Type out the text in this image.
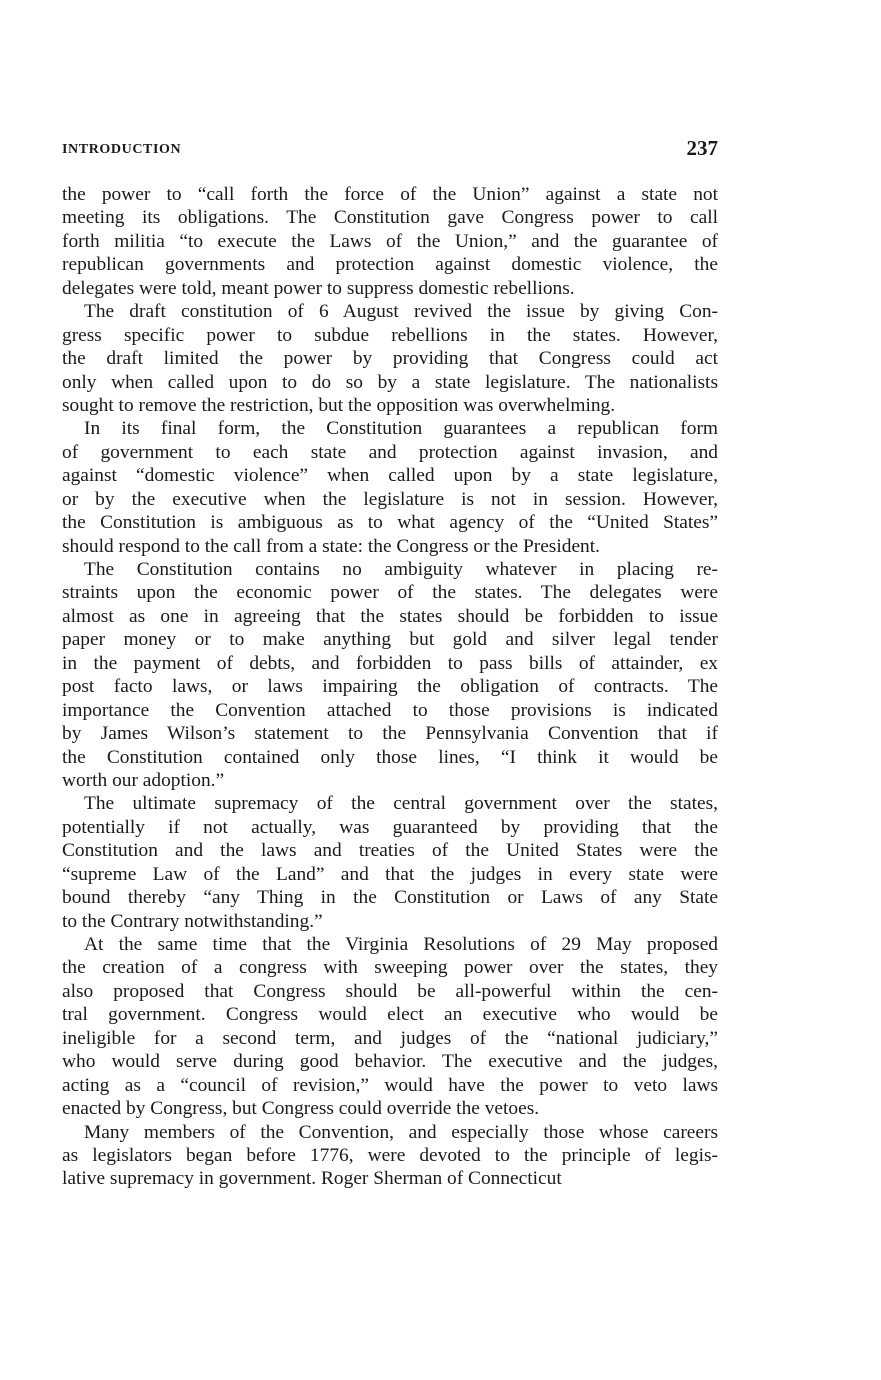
INTRODUCTION	237
the power to “call forth the force of the Union” against a state not
meeting its obligations. The Constitution gave Congress power to call
forth militia “to execute the Laws of the Union,” and the guarantee of
republican governments and protection against domestic violence, the
delegates were told, meant power to suppress domestic rebellions.
The draft constitution of 6 August revived the issue by giving Con-
gress specific power to subdue rebellions in the states. However,
the draft limited the power by providing that Congress could act
only when called upon to do so by a state legislature. The nationalists
sought to remove the restriction, but the opposition was overwhelming.
In its final form, the Constitution guarantees a republican form
of government to each state and protection against invasion, and
against “domestic violence” when called upon by a state legislature,
or by the executive when the legislature is not in session. However,
the Constitution is ambiguous as to what agency of the “United States”
should respond to the call from a state: the Congress or the President.
The Constitution contains no ambiguity whatever in placing re-
straints upon the economic power of the states. The delegates were
almost as one in agreeing that the states should be forbidden to issue
paper money or to make anything but gold and silver legal tender
in the payment of debts, and forbidden to pass bills of attainder, ex
post facto laws, or laws impairing the obligation of contracts. The
importance the Convention attached to those provisions is indicated
by James Wilson’s statement to the Pennsylvania Convention that if
the Constitution contained only those lines, “I think it would be
worth our adoption.”
The ultimate supremacy of the central government over the states,
potentially if not actually, was guaranteed by providing that the
Constitution and the laws and treaties of the United States were the
“supreme Law of the Land” and that the judges in every state were
bound thereby “any Thing in the Constitution or Laws of any State
to the Contrary notwithstanding.”
At the same time that the Virginia Resolutions of 29 May proposed
the creation of a congress with sweeping power over the states, they
also proposed that Congress should be all-powerful within the cen-
tral government. Congress would elect an executive who would be
ineligible for a second term, and judges of the “national judiciary,”
who would serve during good behavior. The executive and the judges,
acting as a “council of revision,” would have the power to veto laws
enacted by Congress, but Congress could override the vetoes.
Many members of the Convention, and especially those whose careers
as legislators began before 1776, were devoted to the principle of legis-
lative supremacy in government. Roger Sherman of Connecticut
